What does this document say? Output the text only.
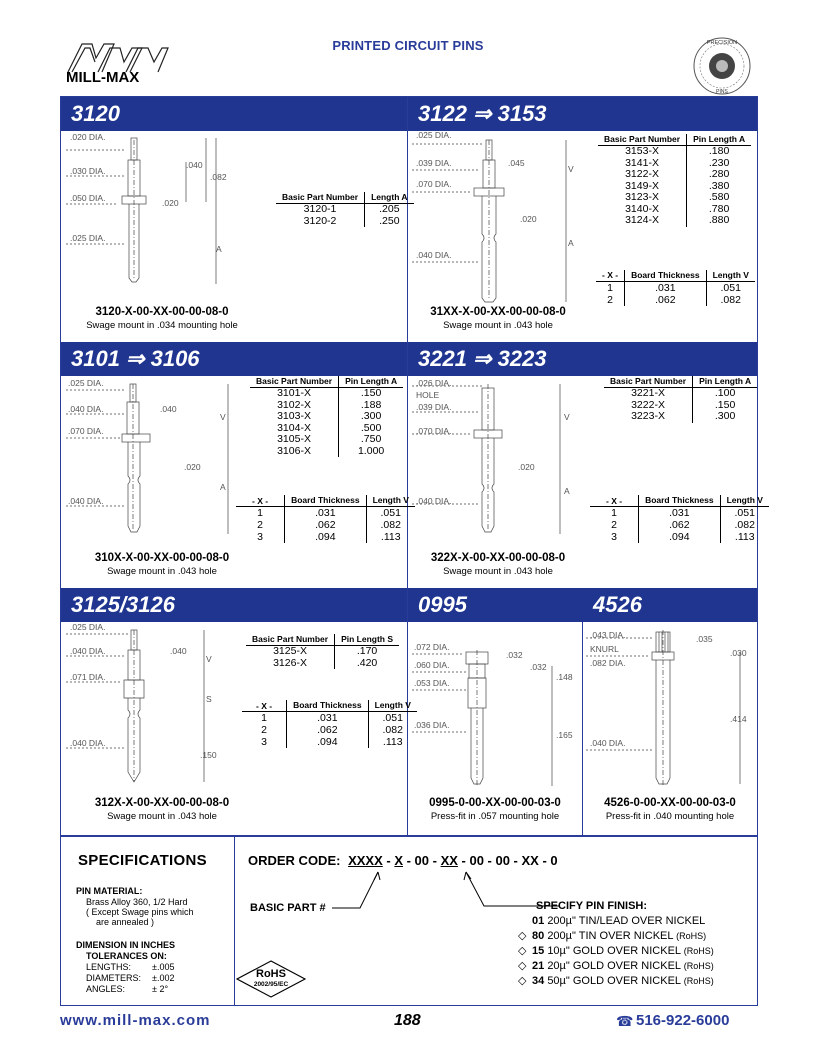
MILL-MAX
PRINTED CIRCUIT PINS	PRECISION
PINS
3120	3122 ⇒ 3153
3101 ⇒ 3106	3221 ⇒ 3223
3125/3126	0995	4526
.020 DIA.
.030 DIA.
.050 DIA.
.025 DIA.
.040
.082
.020
A
Basic Part Number	Length A
3120-1	.205
3120-2	.250
3120-X-00-XX-00-00-08-0
Swage mount in .034 mounting hole
.025 DIA.
.039 DIA.
.070 DIA.
.040 DIA.
.045
V
.020
A
Basic Part Number	Pin Length A
3153-X	.180
3141-X	.230
3122-X	.280
3149-X	.380
3123-X	.580
3140-X	.780
3124-X	.880
- X -	Board Thickness	Length V
1	.031	.051
2	.062	.082
31XX-X-00-XX-00-00-08-0
Swage mount in .043 hole
.025 DIA.
.040 DIA.
.070 DIA.
.040 DIA.
.040
V
.020
A
Basic Part Number	Pin Length A
3101-X	.150
3102-X	.188
3103-X	.300
3104-X	.500
3105-X	.750
3106-X	1.000
- X -	Board Thickness	Length V
1	.031	.051
2	.062	.082
3	.094	.113
310X-X-00-XX-00-00-08-0
Swage mount in .043 hole
.026 DIA.
HOLE
.039 DIA.
.070 DIA.
.040 DIA.
V
.020
A
Basic Part Number	Pin Length A
3221-X	.100
3222-X	.150
3223-X	.300
- X -	Board Thickness	Length V
1	.031	.051
2	.062	.082
3	.094	.113
322X-X-00-XX-00-00-08-0
Swage mount in .043 hole
.025 DIA.
.040 DIA.
.071 DIA.
.040 DIA.
.040
V
S
.150
Basic Part Number	Pin Length S
3125-X	.170
3126-X	.420
- X -	Board Thickness	Length V
1	.031	.051
2	.062	.082
3	.094	.113
312X-X-00-XX-00-00-08-0
Swage mount in .043 hole
.072 DIA.
.060 DIA.
.053 DIA.
.036 DIA.
.032
.032
.148
.165
0995-0-00-XX-00-00-03-0
Press-fit in .057 mounting hole
.043 DIA.
KNURL
.082 DIA.
.040 DIA.
.035
.030
.414
4526-0-00-XX-00-00-03-0
Press-fit in .040 mounting hole
SPECIFICATIONS
PIN MATERIAL:
Brass Alloy 360, 1/2 Hard
( Except Swage pins which
are annealed )
DIMENSION IN INCHES
TOLERANCES ON:
LENGTHS: ±.005
DIAMETERS: ±.002
ANGLES:	± 2°
ORDER CODE: XXXX - X - 00 - XX - 00 - 00 - XX - 0
BASIC PART #	SPECIFY PIN FINISH:
01 200µ" TIN/LEAD OVER NICKEL
◇ 80 200µ" TIN OVER NICKEL (RoHS)
◇ 15 10µ" GOLD OVER NICKEL (RoHS)
◇ 21 20µ" GOLD OVER NICKEL (RoHS)
◇ 34 50µ" GOLD OVER NICKEL (RoHS)
RoHS
2002/95/EC
www.mill-max.com	188	☎ 516-922-6000
